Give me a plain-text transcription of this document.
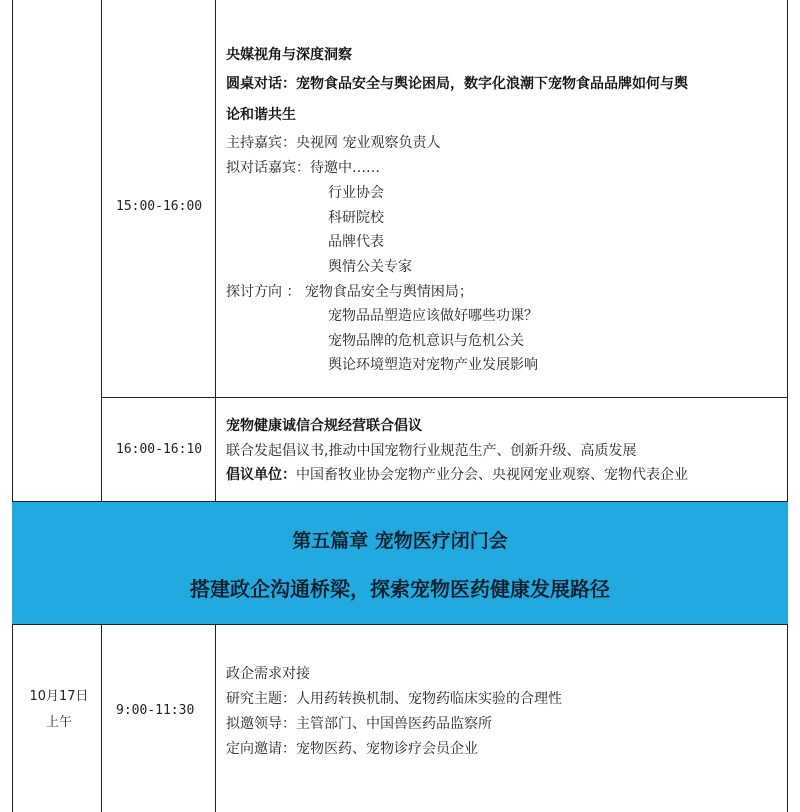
15:00-16:00
央媒视角与深度洞察
圆桌对话：宠物食品安全与舆论困局，数字化浪潮下宠物食品品牌如何与舆
论和谐共生
主持嘉宾：央视网 宠业观察负责人
拟对话嘉宾：待邀中……
行业协会
科研院校
品牌代表
舆情公关专家
探讨方向 ： 宠物食品安全与舆情困局；
宠物品品塑造应该做好哪些功课？
宠物品牌的危机意识与危机公关
舆论环境塑造对宠物产业发展影响
16:00-16:10
宠物健康诚信合规经营联合倡议
联合发起倡议书,推动中国宠物行业规范生产、创新升级、高质发展
倡议单位：中国畜牧业协会宠物产业分会、央视网宠业观察、宠物代表企业
第五篇章 宠物医疗闭门会
搭建政企沟通桥梁，探索宠物医药健康发展路径
10月17日
上午
9:00-11:30
政企需求对接
研究主题：人用药转换机制、宠物药临床实验的合理性
拟邀领导：主管部门、中国兽医药品监察所
定向邀请：宠物医药、宠物诊疗会员企业
